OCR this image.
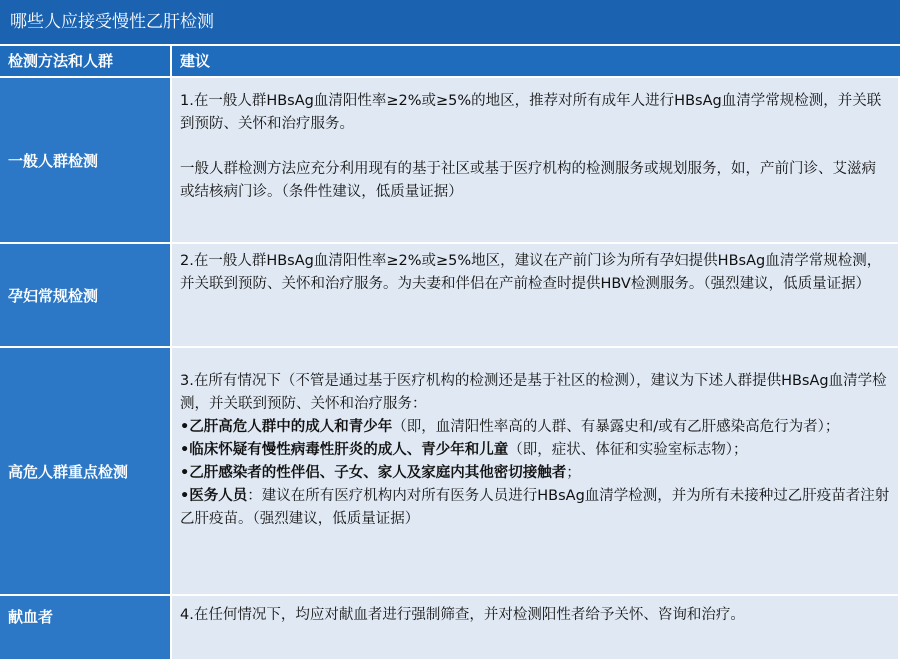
哪些人应接受慢性乙肝检测
检测方法和人群	建议
一般人群检测

1.在一般人群HBsAg血清阳性率≥2%或≥5%的地区，推荐对所有成年人进行HBsAg血清学常规检测，并关联到预防、关怀和治疗服务。

一般人群检测方法应充分利用现有的基于社区或基于医疗机构的检测服务或规划服务，如，产前门诊、艾滋病或结核病门诊。（条件性建议，低质量证据）

孕妇常规检测

2.在一般人群HBsAg血清阳性率≥2%或≥5%地区，建议在产前门诊为所有孕妇提供HBsAg血清学常规检测，并关联到预防、关怀和治疗服务。为夫妻和伴侣在产前检查时提供HBV检测服务。（强烈建议，低质量证据）

高危人群重点检测
3.在所有情况下（不管是通过基于医疗机构的检测还是基于社区的检测），建议为下述人群提供HBsAg血清学检测，并关联到预防、关怀和治疗服务：
•乙肝高危人群中的成人和青少年（即，血清阳性率高的人群、有暴露史和/或有乙肝感染高危行为者）；
•临床怀疑有慢性病毒性肝炎的成人、青少年和儿童（即，症状、体征和实验室标志物）；
•乙肝感染者的性伴侣、子女、家人及家庭内其他密切接触者；
•医务人员：建议在所有医疗机构内对所有医务人员进行HBsAg血清学检测，并为所有未接种过乙肝疫苗者注射乙肝疫苗。（强烈建议，低质量证据）
献血者	4.在任何情况下，均应对献血者进行强制筛查，并对检测阳性者给予关怀、咨询和治疗。
